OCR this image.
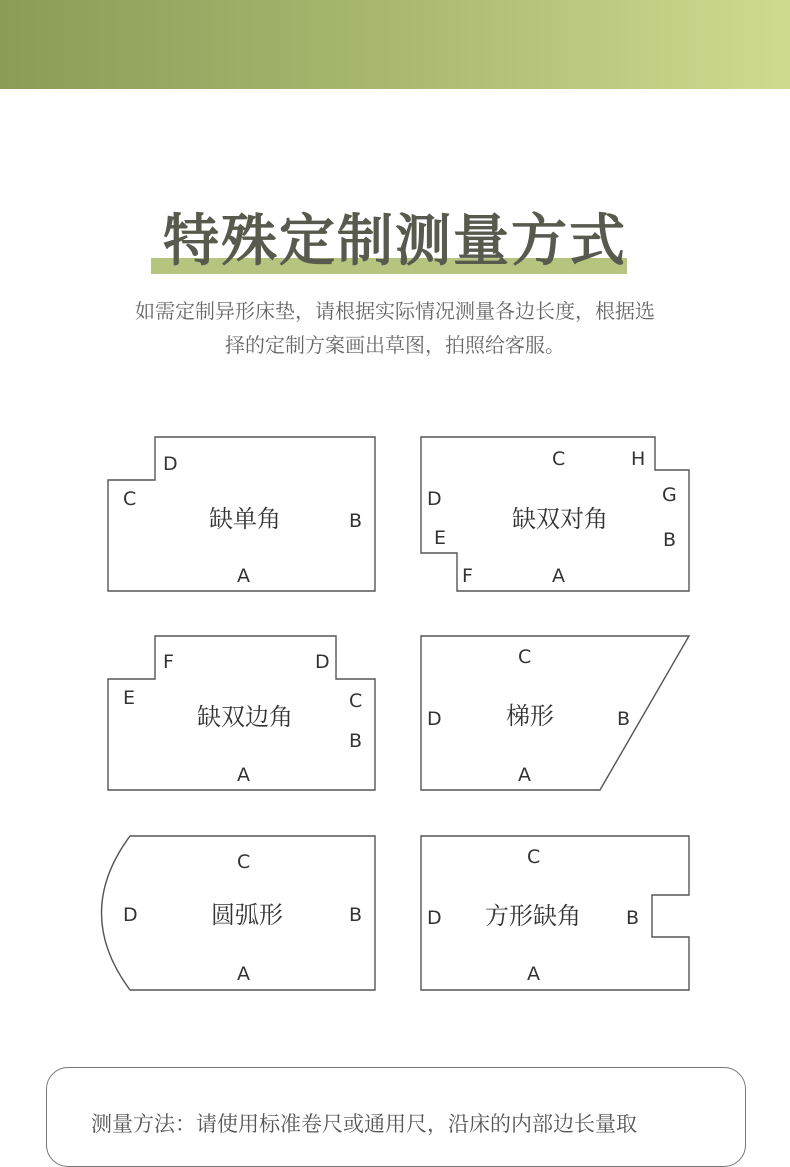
特殊定制测量方式

如需定制异形床垫，请根据实际情况测量各边长度，根据选
择的定制方案画出草图，拍照给客服。

D
C
B
A
缺单角
C	H
D	G
E	B
F	A
缺双对角
F	D
E	C
B
A
缺双边角
C
D	B
A
梯形
C
D	B
A
圆弧形
C
D	B
A
方形缺角

测量方法：请使用标准卷尺或通用尺，沿床的内部边长量取
